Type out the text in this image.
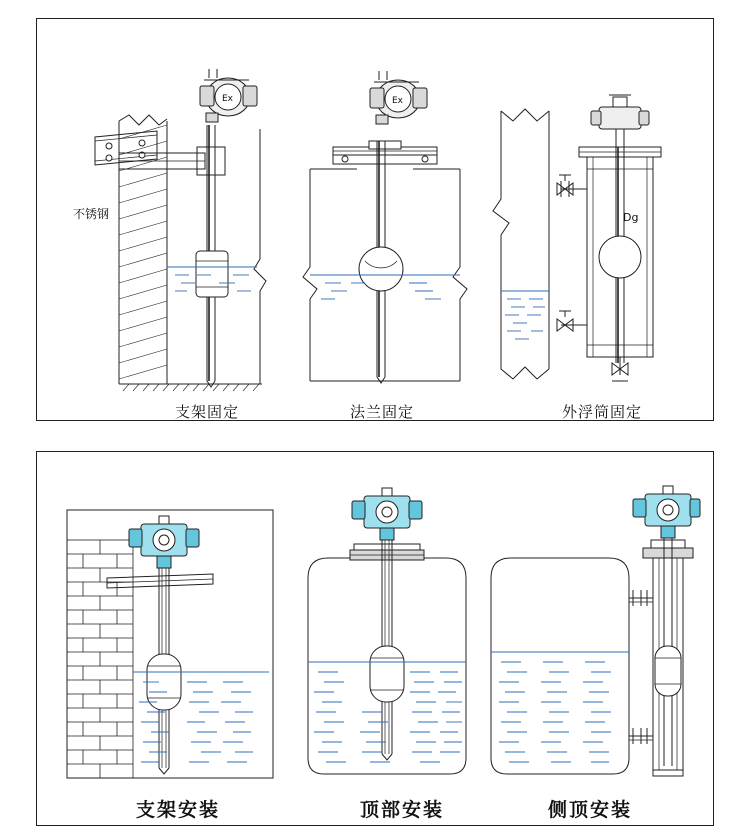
Ex
不锈钢
支架固定
Ex
法兰固定
Dg
外浮筒固定
支架安装	顶部安装	侧顶安装
